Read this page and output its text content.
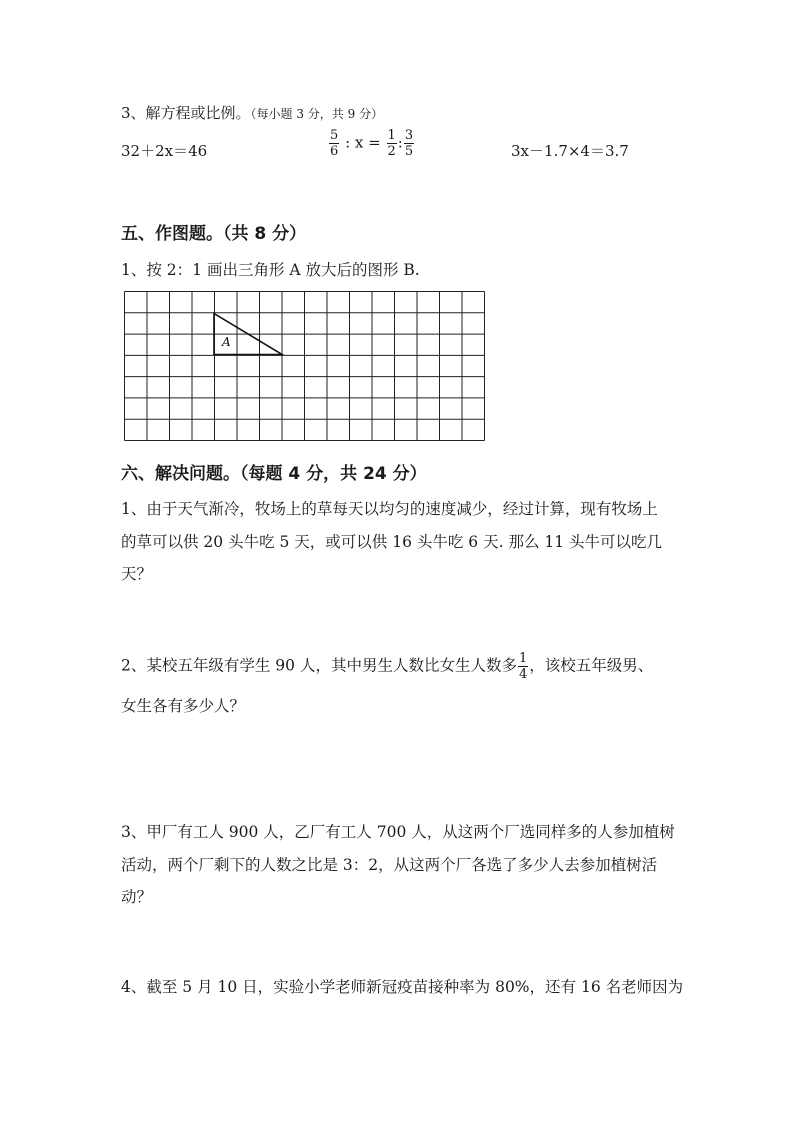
3、解方程或比例。（每小题 3 分，共 9 分）
32＋2x＝46	$\frac{5}{6}$ : $x = \frac{1}{2}$ : $\frac{3}{5}$	3x－1.7×4＝3.7
五、作图题。（共 8 分）
1、按 2：1 画出三角形 A 放大后的图形 B.
A
六、解决问题。（每题 4 分，共 24 分）
1、由于天气渐冷，牧场上的草每天以均匀的速度减少，经过计算，现有牧场上
的草可以供 20 头牛吃 5 天，或可以供 16 头牛吃 6 天. 那么 11 头牛可以吃几
天？
2、某校五年级有学生 90 人，其中男生人数比女生人数多 $\frac{1}{4}$ ，该校五年级男、
女生各有多少人？
3、甲厂有工人 900 人，乙厂有工人 700 人，从这两个厂选同样多的人参加植树
活动，两个厂剩下的人数之比是 3：2，从这两个厂各选了多少人去参加植树活
动？
4、截至 5 月 10 日，实验小学老师新冠疫苗接种率为 80%，还有 16 名老师因为
